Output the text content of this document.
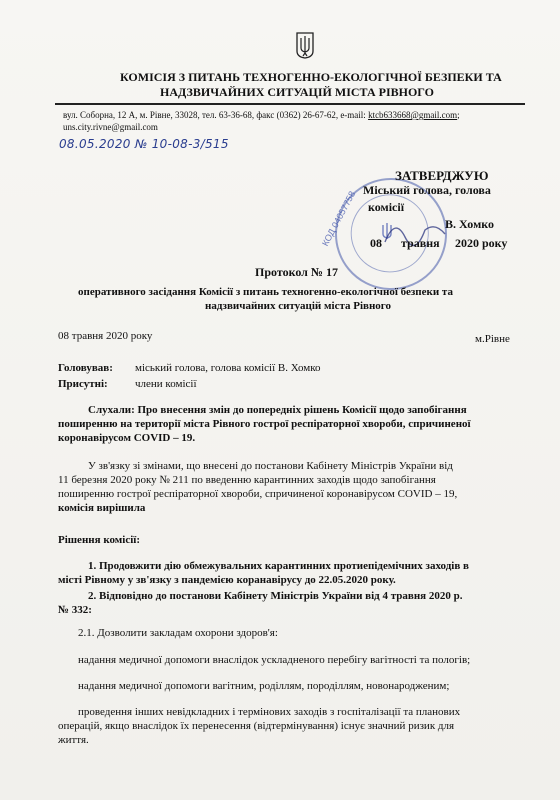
КОМІСІЯ З ПИТАНЬ ТЕХНОГЕННО-ЕКОЛОГІЧНОЇ БЕЗПЕКИ ТА
НАДЗВИЧАЙНИХ СИТУАЦІЙ МІСТА РІВНОГО
вул. Соборна, 12 А, м. Рівне, 33028, тел. 63-36-68, факс (0362) 26-67-62, e-mail: ktcb633668@gmail.com;
uns.city.rivne@gmail.com
08.05.2020 № 10-08-3/515
КОД 04057758
ЗАТВЕРДЖУЮ
Міський голова, голова
комісії
В. Хомко
08 травня 2020 року
Протокол № 17
оперативного засідання Комісії з питань техногенно-екологічної безпеки та
надзвичайних ситуацій міста Рівного
08 травня 2020 року	м.Рівне
Головував: міський голова, голова комісії В. Хомко
Присутні: члени комісії
Слухали: Про внесення змін до попередніх рішень Комісії щодо запобігання
поширенню на території міста Рівного гострої респіраторної хвороби, спричиненої
коронавірусом COVID – 19.
У зв'язку зі змінами, що внесені до постанови Кабінету Міністрів України від
11 березня 2020 року № 211 по введенню карантинних заходів щодо запобігання
поширенню гострої респіраторної хвороби, спричиненої коронавірусом COVID – 19,
комісія вирішила
Рішення комісії:
1. Продовжити дію обмежувальних карантинних протиепідемічних заходів в
місті Рівному у зв'язку з пандемією коранавірусу до 22.05.2020 року.
2. Відповідно до постанови Кабінету Міністрів України від 4 травня 2020 р.
№ 332:
2.1. Дозволити закладам охорони здоров'я:
надання медичної допомоги внаслідок ускладненого перебігу вагітності та пологів;
надання медичної допомоги вагітним, роділлям, породіллям, новонародженим;
проведення інших невідкладних і термінових заходів з госпіталізації та планових
операцій, якщо внаслідок їх перенесення (відтермінування) існує значний ризик для
життя.
